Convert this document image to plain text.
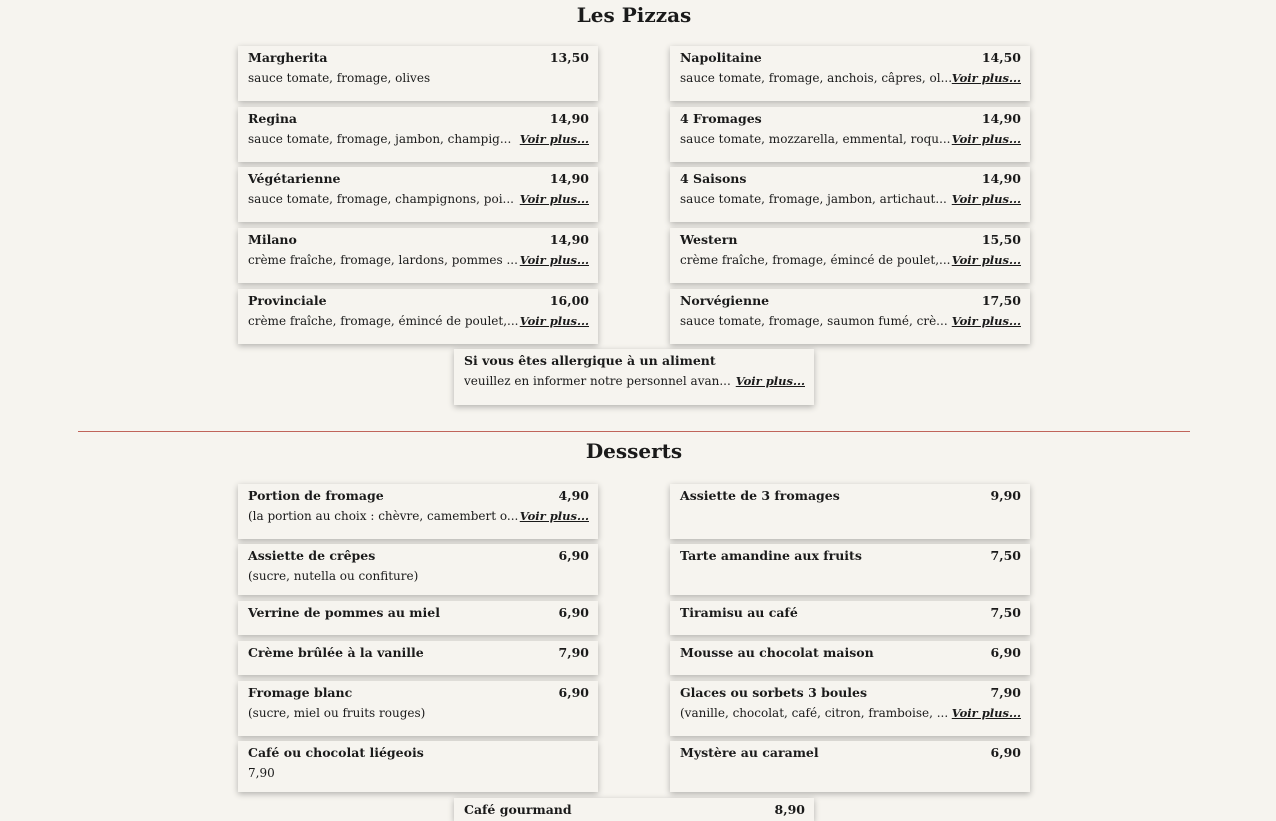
Les Pizzas
Margherita	13,50
sauce tomate, fromage, olives
Regina	14,90
sauce tomate, fromage, jambon, champig... Voir plus...
Végétarienne	14,90
sauce tomate, fromage, champignons, poi... Voir plus...
Milano	14,90
crème fraîche, fromage, lardons, pommes ... Voir plus...
Provinciale	16,00
crème fraîche, fromage, émincé de poulet,... Voir plus...
Napolitaine	14,50
sauce tomate, fromage, anchois, câpres, ol... Voir plus...
4 Fromages	14,90
sauce tomate, mozzarella, emmental, roqu... Voir plus...
4 Saisons	14,90
sauce tomate, fromage, jambon, artichaut... Voir plus...
Western	15,50
crème fraîche, fromage, émincé de poulet,... Voir plus...
Norvégienne	17,50
sauce tomate, fromage, saumon fumé, crè... Voir plus...
Si vous êtes allergique à un aliment
veuillez en informer notre personnel avan... Voir plus...
Desserts
Portion de fromage	4,90
(la portion au choix : chèvre, camembert o... Voir plus...
Assiette de crêpes	6,90
(sucre, nutella ou confiture)
Verrine de pommes au miel	6,90
Crème brûlée à la vanille	7,90
Fromage blanc	6,90
(sucre, miel ou fruits rouges)
Café ou chocolat liégeois
7,90
Assiette de 3 fromages	9,90
Tarte amandine aux fruits	7,50
Tiramisu au café	7,50
Mousse au chocolat maison	6,90
Glaces ou sorbets 3 boules	7,90
(vanille, chocolat, café, citron, framboise, ... Voir plus...
Mystère au caramel	6,90
Café gourmand	8,90
